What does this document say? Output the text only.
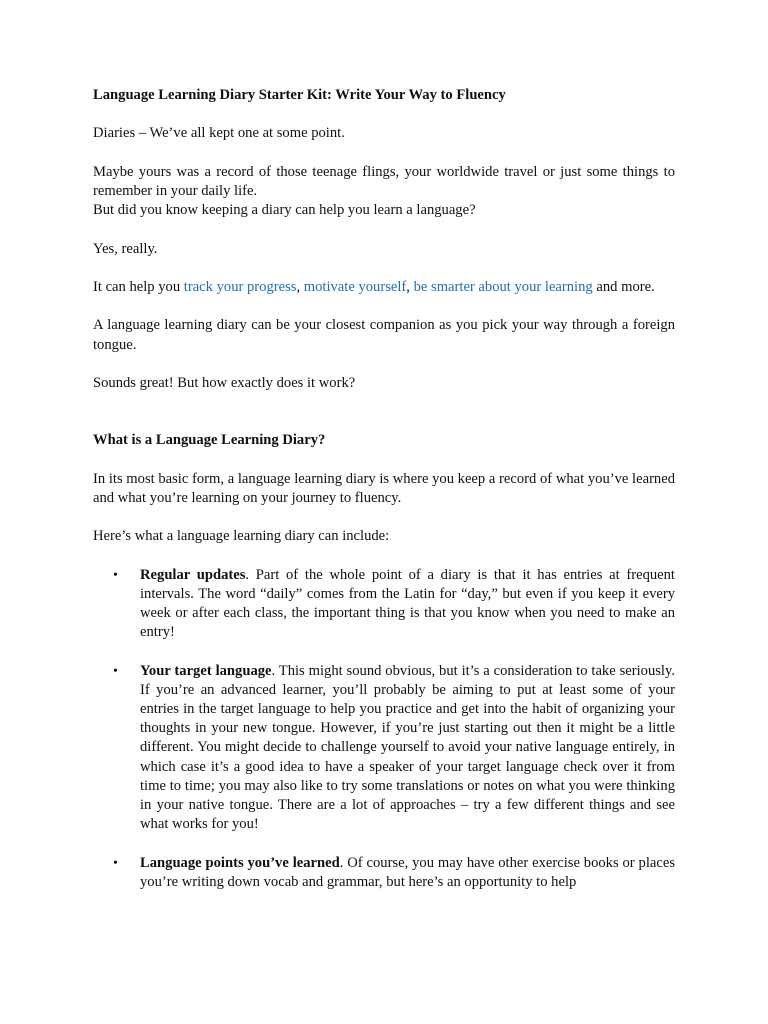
Language Learning Diary Starter Kit: Write Your Way to Fluency

Diaries – We’ve all kept one at some point.

Maybe yours was a record of those teenage flings, your worldwide travel or just some things to remember in your daily life.
But did you know keeping a diary can help you learn a language?

Yes, really.

It can help you track your progress, motivate yourself, be smarter about your learning and more.

A language learning diary can be your closest companion as you pick your way through a foreign tongue.

Sounds great! But how exactly does it work?

What is a Language Learning Diary?

In its most basic form, a language learning diary is where you keep a record of what you’ve learned and what you’re learning on your journey to fluency.

Here’s what a language learning diary can include:

• Regular updates. Part of the whole point of a diary is that it has entries at frequent intervals. The word “daily” comes from the Latin for “day,” but even if you keep it every week or after each class, the important thing is that you know when you need to make an entry!
• Your target language. This might sound obvious, but it’s a consideration to take seriously. If you’re an advanced learner, you’ll probably be aiming to put at least some of your entries in the target language to help you practice and get into the habit of organizing your thoughts in your new tongue. However, if you’re just starting out then it might be a little different. You might decide to challenge yourself to avoid your native language entirely, in which case it’s a good idea to have a speaker of your target language check over it from time to time; you may also like to try some translations or notes on what you were thinking in your native tongue. There are a lot of approaches – try a few different things and see what works for you!
• Language points you’ve learned. Of course, you may have other exercise books or places you’re writing down vocab and grammar, but here’s an opportunity to help
